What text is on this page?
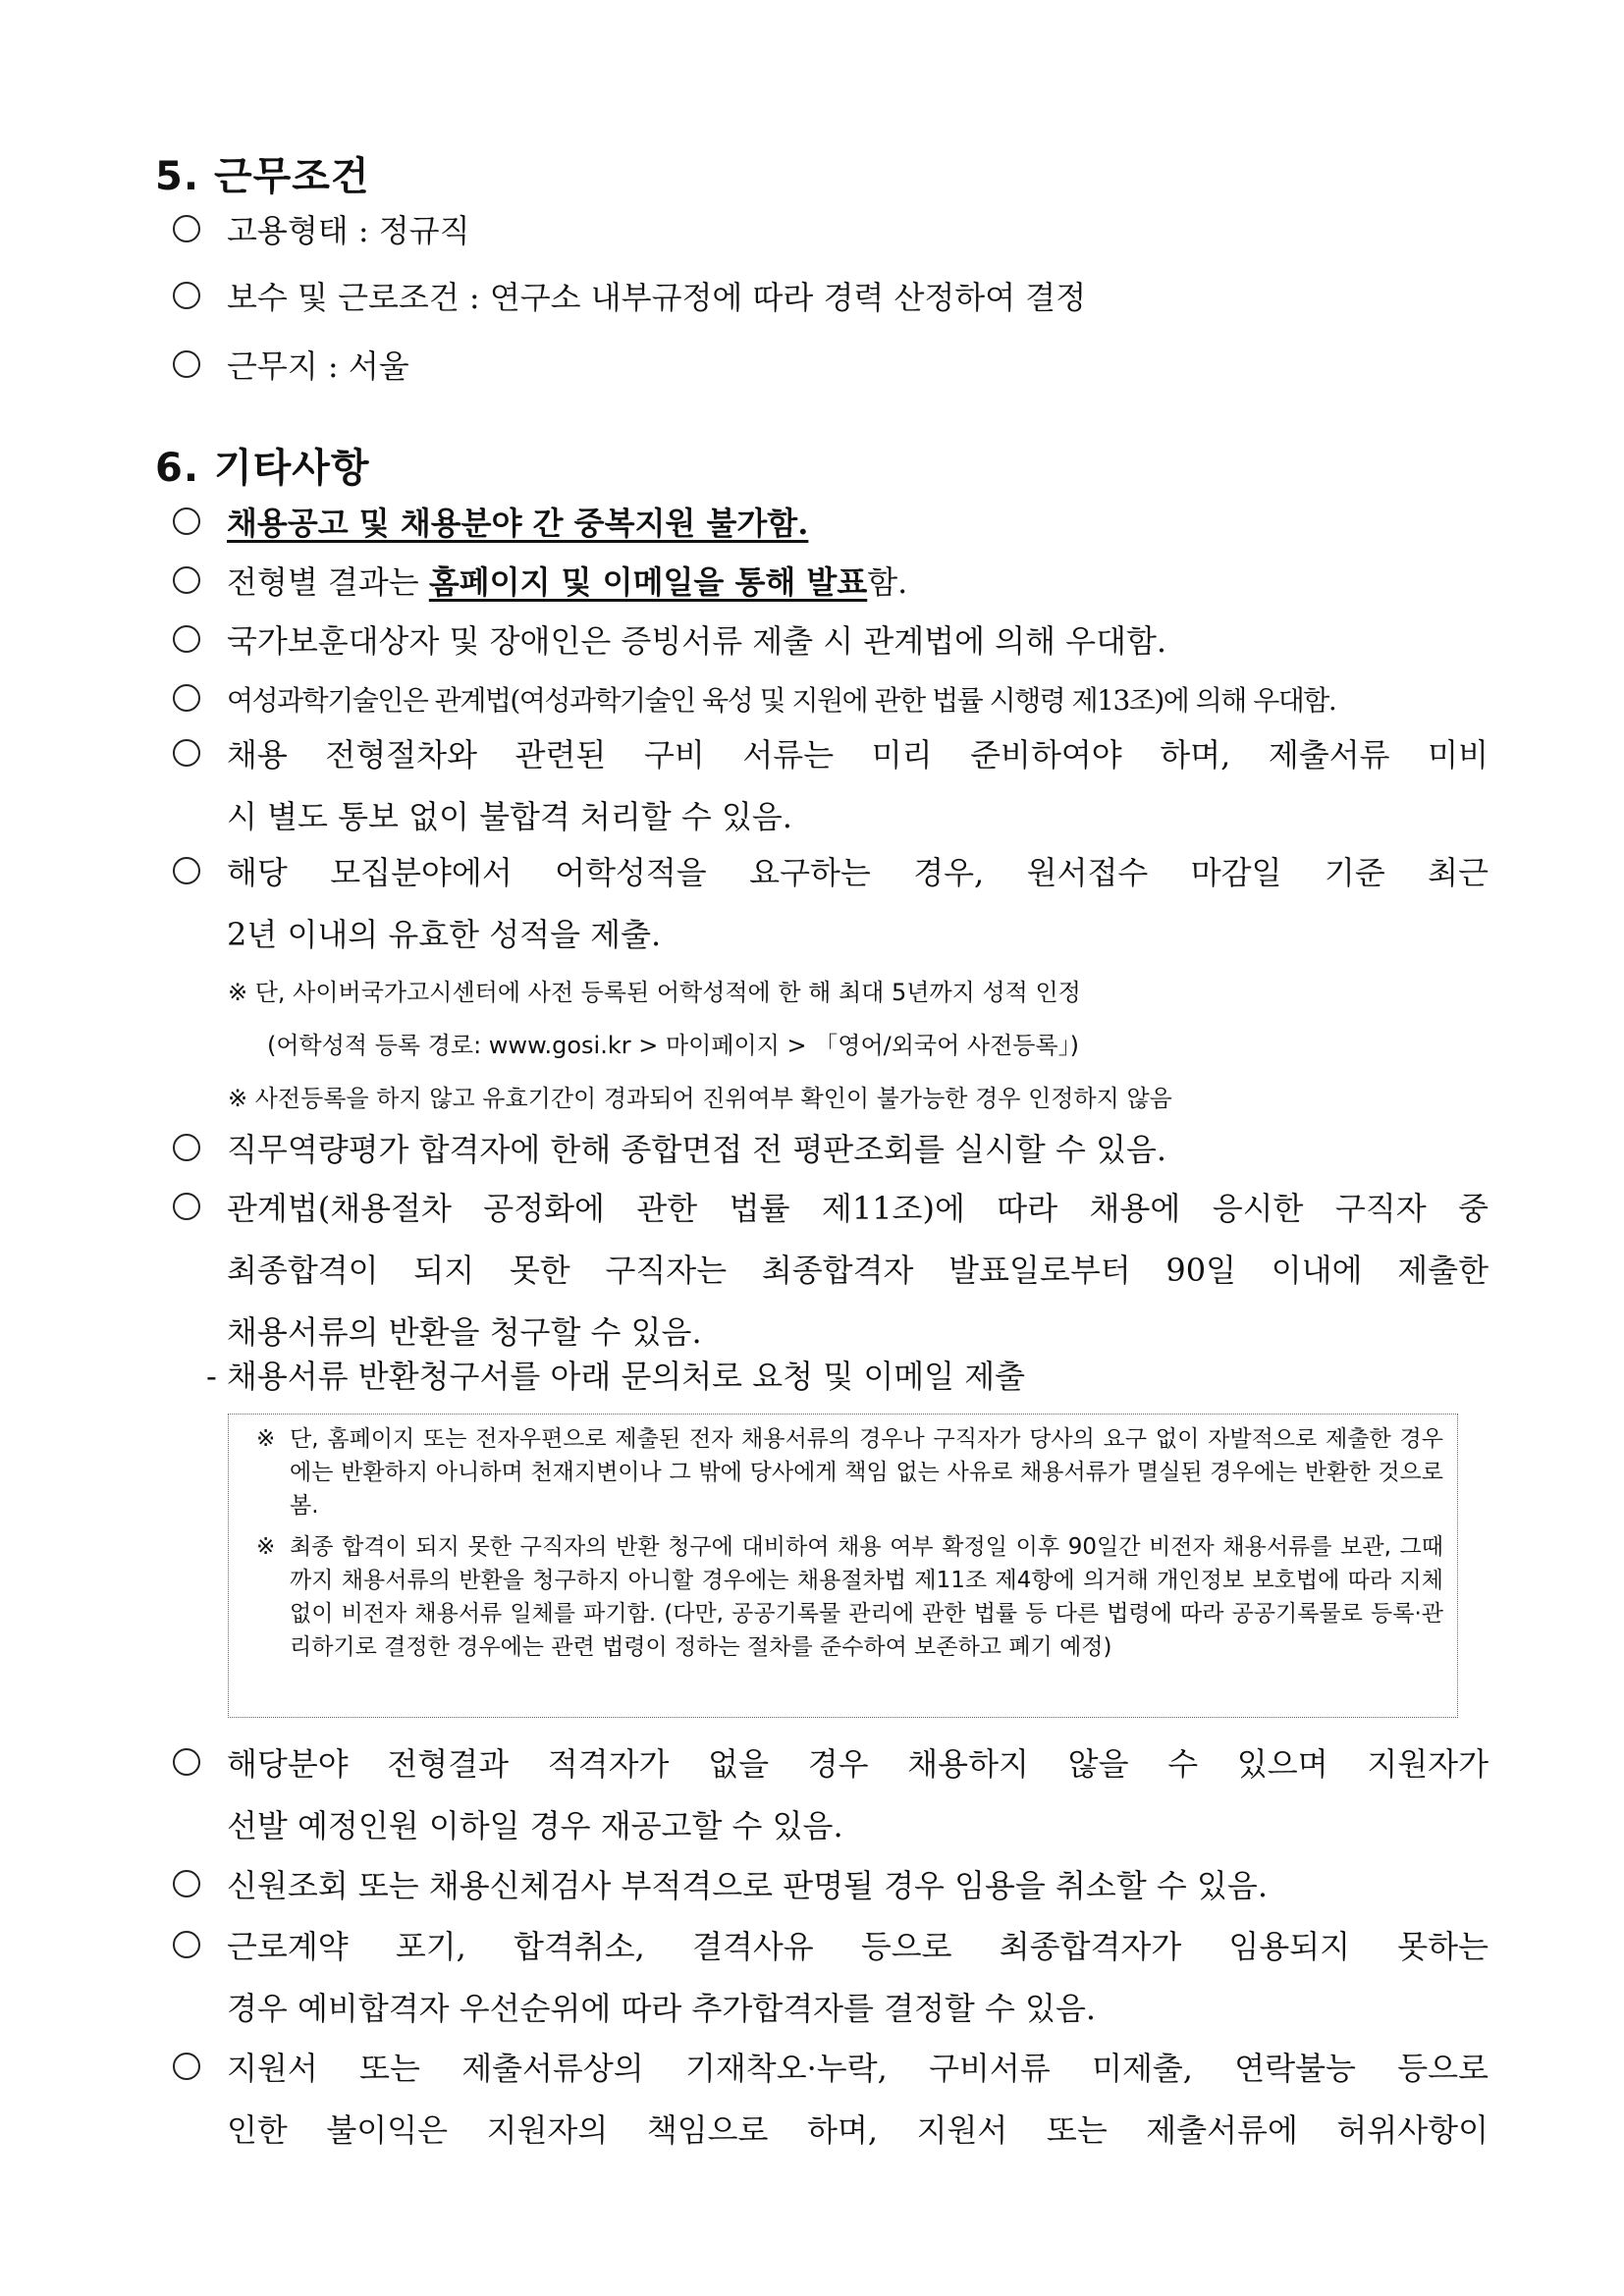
5. 근무조건
고용형태 : 정규직
보수 및 근로조건 : 연구소 내부규정에 따라 경력 산정하여 결정
근무지 : 서울
6. 기타사항
채용공고 및 채용분야 간 중복지원 불가함.
전형별 결과는 홈페이지 및 이메일을 통해 발표함.
국가보훈대상자 및 장애인은 증빙서류 제출 시 관계법에 의해 우대함.
여성과학기술인은 관계법(여성과학기술인 육성 및 지원에 관한 법률 시행령 제13조)에 의해 우대함.
채용 전형절차와 관련된 구비 서류는 미리 준비하여야 하며, 제출서류 미비
시 별도 통보 없이 불합격 처리할 수 있음.
해당 모집분야에서 어학성적을 요구하는 경우, 원서접수 마감일 기준 최근
2년 이내의 유효한 성적을 제출.
※ 단, 사이버국가고시센터에 사전 등록된 어학성적에 한 해 최대 5년까지 성적 인정
(어학성적 등록 경로: www.gosi.kr > 마이페이지 > 「영어/외국어 사전등록」)
※ 사전등록을 하지 않고 유효기간이 경과되어 진위여부 확인이 불가능한 경우 인정하지 않음
직무역량평가 합격자에 한해 종합면접 전 평판조회를 실시할 수 있음.
관계법(채용절차 공정화에 관한 법률 제11조)에 따라 채용에 응시한 구직자 중
최종합격이 되지 못한 구직자는 최종합격자 발표일로부터 90일 이내에 제출한
채용서류의 반환을 청구할 수 있음.
- 채용서류 반환청구서를 아래 문의처로 요청 및 이메일 제출
※ 단, 홈페이지 또는 전자우편으로 제출된 전자 채용서류의 경우나 구직자가 당사의 요구 없이 자발적으로 제출한 경우에는 반환하지 아니하며 천재지변이나 그 밖에 당사에게 책임 없는 사유로 채용서류가 멸실된 경우에는 반환한 것으로 봄.
※ 최종 합격이 되지 못한 구직자의 반환 청구에 대비하여 채용 여부 확정일 이후 90일간 비전자 채용서류를 보관, 그때까지 채용서류의 반환을 청구하지 아니할 경우에는 채용절차법 제11조 제4항에 의거해 개인정보 보호법에 따라 지체없이 비전자 채용서류 일체를 파기함. (다만, 공공기록물 관리에 관한 법률 등 다른 법령에 따라 공공기록물로 등록·관리하기로 결정한 경우에는 관련 법령이 정하는 절차를 준수하여 보존하고 폐기 예정)
해당분야 전형결과 적격자가 없을 경우 채용하지 않을 수 있으며 지원자가
선발 예정인원 이하일 경우 재공고할 수 있음.
신원조회 또는 채용신체검사 부적격으로 판명될 경우 임용을 취소할 수 있음.
근로계약 포기, 합격취소, 결격사유 등으로 최종합격자가 임용되지 못하는
경우 예비합격자 우선순위에 따라 추가합격자를 결정할 수 있음.
지원서 또는 제출서류상의 기재착오·누락, 구비서류 미제출, 연락불능 등으로
인한 불이익은 지원자의 책임으로 하며, 지원서 또는 제출서류에 허위사항이
